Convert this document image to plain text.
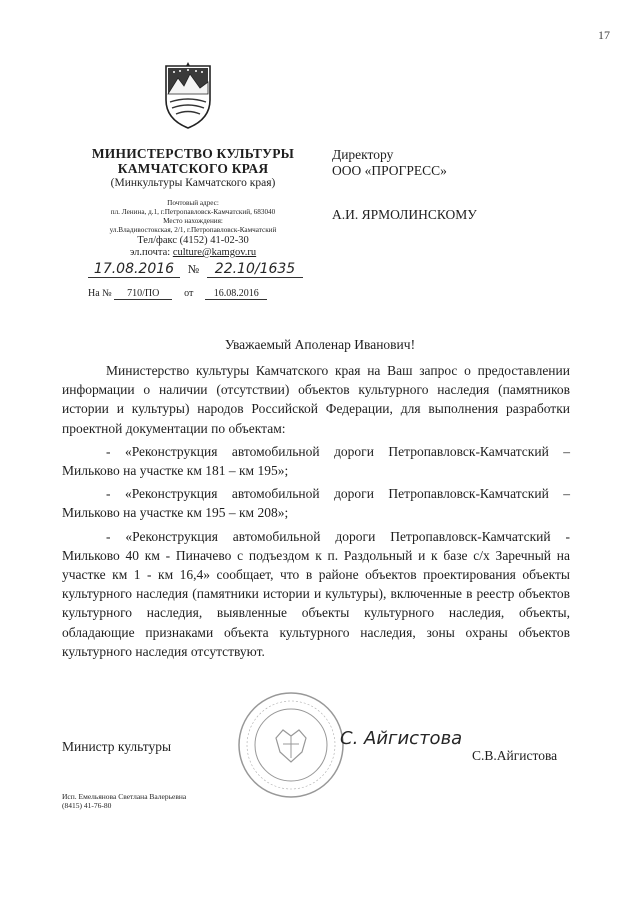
17
МИНИСТЕРСТВО КУЛЬТУРЫ
КАМЧАТСКОГО КРАЯ
(Минкультуры Камчатского края)
Почтовый адрес:
пл. Ленина, д.1, г.Петропавловск-Камчатский, 683040
Место нахождения:
ул.Владивостокская, 2/1, г.Петропавловск-Камчатский
Тел/факс (4152) 41-02-30
эл.почта: culture@kamgov.ru
Директору
ООО «ПРОГРЕСС»
А.И. ЯРМОЛИНСКОМУ
17.08.2016 № 22.10/1635
На № 710/ПО от 16.08.2016
Уважаемый Аполенар Иванович!

Министерство культуры Камчатского края на Ваш запрос о предоставлении информации о наличии (отсутствии) объектов культурного наследия (памятников истории и культуры) народов Российской Федерации, для выполнения разработки проектной документации по объектам:

- «Реконструкция автомобильной дороги Петропавловск-Камчатский – Мильково на участке км 181 – км 195»;

- «Реконструкция автомобильной дороги Петропавловск-Камчатский – Мильково на участке км 195 – км 208»;

- «Реконструкция автомобильной дороги Петропавловск-Камчатский - Мильково 40 км - Пиначево с подъездом к п. Раздольный и к базе с/х Заречный на участке км 1 - км 16,4» сообщает, что в районе объектов проектирования объекты культурного наследия (памятники истории и культуры), включенные в реестр объектов культурного наследия, выявленные объекты культурного наследия, объекты, обладающие признаками объекта культурного наследия, зоны охраны объектов культурного наследия отсутствуют.

Министр культуры	С. Айгистова
С.В.Айгистова
Исп. Емельянова Светлана Валерьевна
(8415) 41-76-80
